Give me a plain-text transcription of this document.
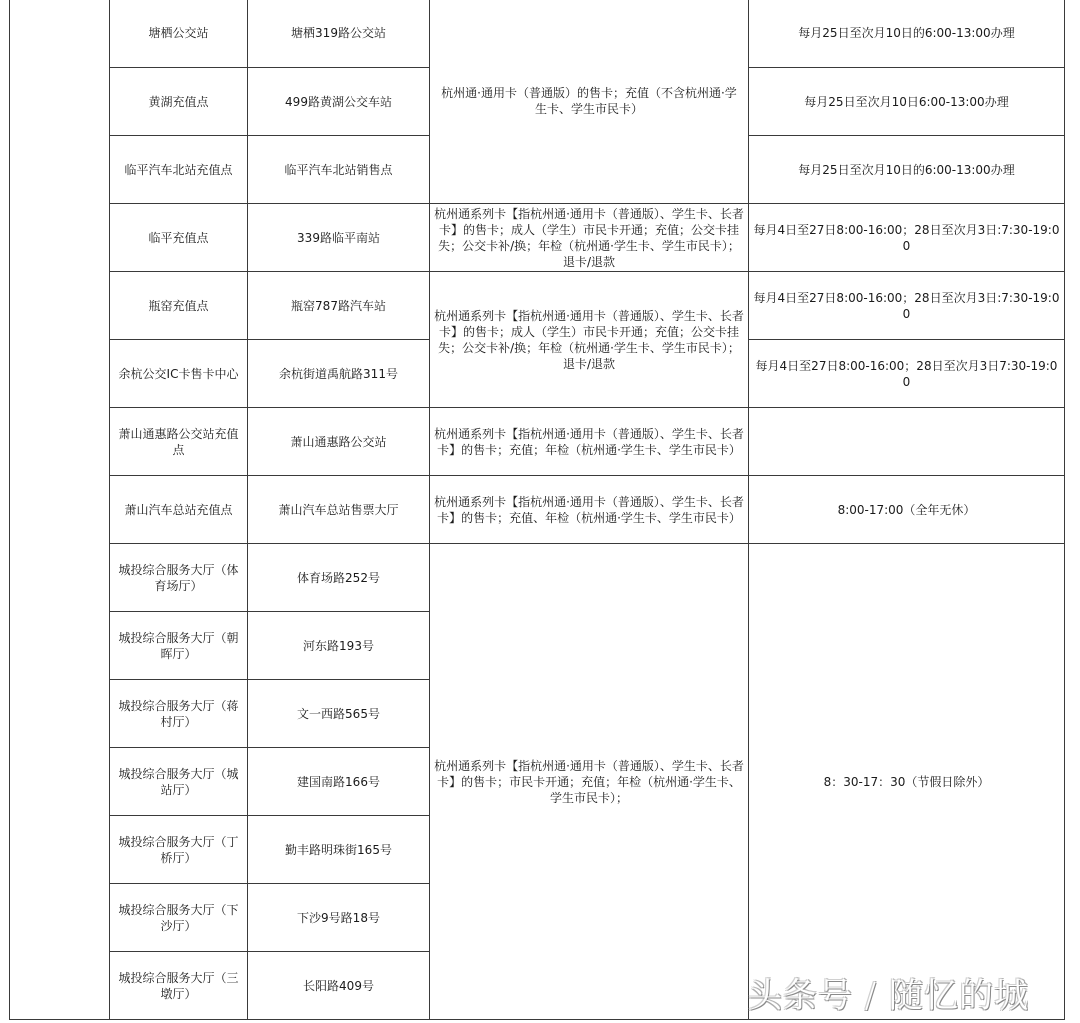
	塘栖公交站	塘栖319路公交站	杭州通·通用卡（普通版）的售卡；充值（不含杭州通·学生卡、学生市民卡）	每月25日至次月10日的6:00-13:00办理
	黄湖充值点	499路黄湖公交车站		每月25日至次月10日6:00-13:00办理
	临平汽车北站充值点	临平汽车北站销售点		每月25日至次月10日的6:00-13:00办理
	临平充值点	339路临平南站	杭州通系列卡【指杭州通·通用卡（普通版）、学生卡、长者卡】的售卡；成人（学生）市民卡开通；充值；公交卡挂失；公交卡补/换；年检（杭州通·学生卡、学生市民卡）；退卡/退款	每月4日至27日8:00-16:00；28日至次月3日:7:30-19:00
	瓶窑充值点	瓶窑787路汽车站	杭州通系列卡【指杭州通·通用卡（普通版）、学生卡、长者卡】的售卡；成人（学生）市民卡开通；充值；公交卡挂失；公交卡补/换；年检（杭州通·学生卡、学生市民卡）；退卡/退款	每月4日至27日8:00-16:00；28日至次月3日:7:30-19:00
	余杭公交IC卡售卡中心	余杭街道禹航路311号		每月4日至27日8:00-16:00；28日至次月3日7:30-19:00
	萧山通惠路公交站充值点	萧山通惠路公交站	杭州通系列卡【指杭州通·通用卡（普通版）、学生卡、长者卡】的售卡；充值；年检（杭州通·学生卡、学生市民卡）	
	萧山汽车总站充值点	萧山汽车总站售票大厅	杭州通系列卡【指杭州通·通用卡（普通版）、学生卡、长者卡】的售卡；充值、年检（杭州通·学生卡、学生市民卡）	8:00-17:00（全年无休）
	城投综合服务大厅（体育场厅）	体育场路252号	杭州通系列卡【指杭州通·通用卡（普通版）、学生卡、长者卡】的售卡；市民卡开通；充值；年检（杭州通·学生卡、学生市民卡）；	8：30-17：30（节假日除外）
	城投综合服务大厅（朝晖厅）	河东路193号		
	城投综合服务大厅（蒋村厅）	文一西路565号		
	城投综合服务大厅（城站厅）	建国南路166号		
	城投综合服务大厅（丁桥厅）	勤丰路明珠街165号		
	城投综合服务大厅（下沙厅）	下沙9号路18号		
	城投综合服务大厅（三墩厅）	长阳路409号			头条号 / 随忆的城
